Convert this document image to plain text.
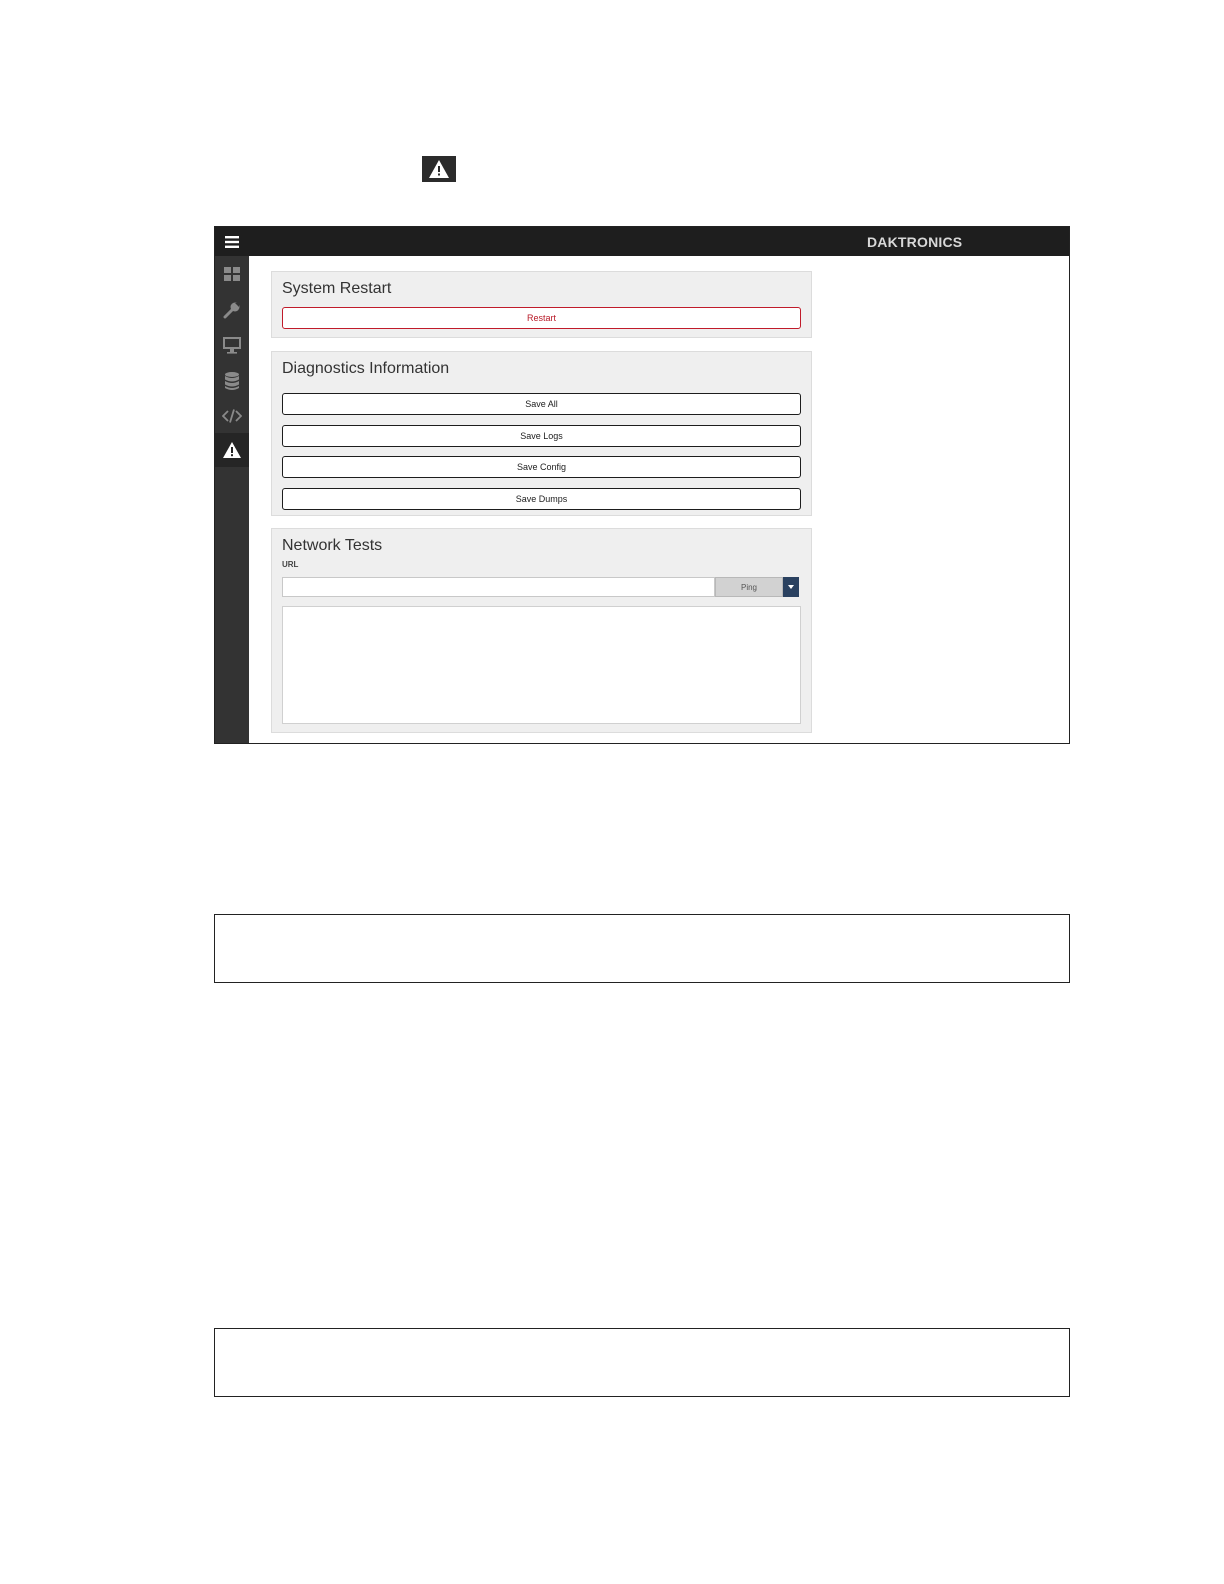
DAKTRONICS
System Restart
Restart
Diagnostics Information
Save All
Save Logs
Save Config
Save Dumps
Network Tests
URL
Ping
